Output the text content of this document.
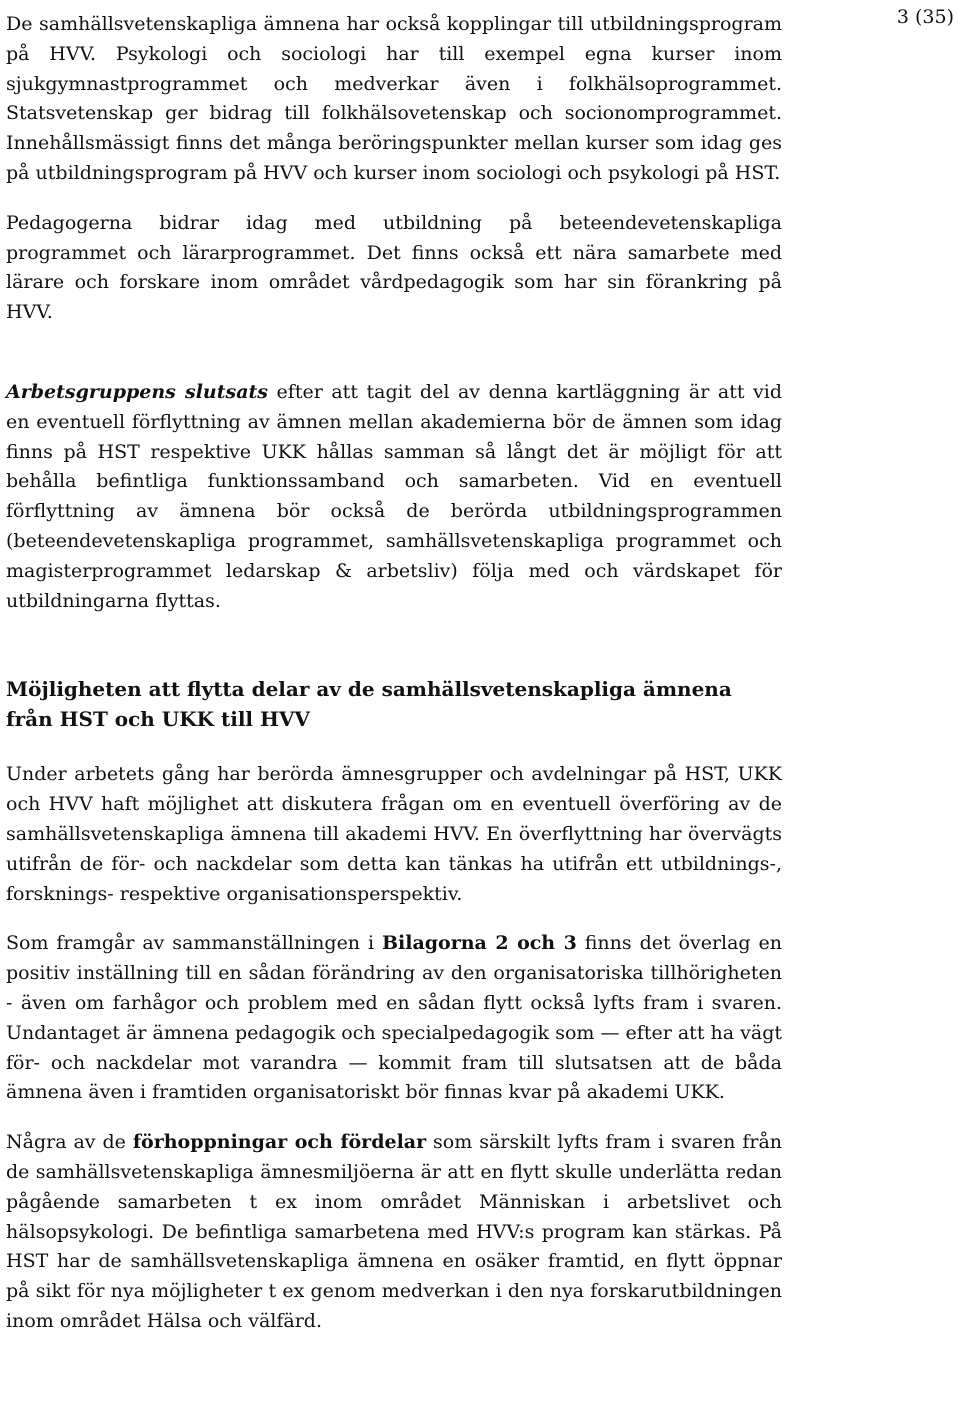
3 (35)

De samhällsvetenskapliga ämnena har också kopplingar till utbildningsprogram på HVV. Psykologi och sociologi har till exempel egna kurser inom sjukgymnastprogrammet och medverkar även i folkhälsoprogrammet. Statsvetenskap ger bidrag till folkhälsovetenskap och socionomprogrammet. Innehållsmässigt finns det många beröringspunkter mellan kurser som idag ges på utbildningsprogram på HVV och kurser inom sociologi och psykologi på HST.

Pedagogerna bidrar idag med utbildning på beteendevetenskapliga programmet och lärarprogrammet. Det finns också ett nära samarbete med lärare och forskare inom området vårdpedagogik som har sin förankring på HVV.

Arbetsgruppens slutsats efter att tagit del av denna kartläggning är att vid en eventuell förflyttning av ämnen mellan akademierna bör de ämnen som idag finns på HST respektive UKK hållas samman så långt det är möjligt för att behålla befintliga funktionssamband och samarbeten. Vid en eventuell förflyttning av ämnena bör också de berörda utbildningsprogrammen (beteendevetenskapliga programmet, samhällsvetenskapliga programmet och magisterprogrammet ledarskap & arbetsliv) följa med och värdskapet för utbildningarna flyttas.

Möjligheten att flytta delar av de samhällsvetenskapliga ämnena från HST och UKK till HVV

Under arbetets gång har berörda ämnesgrupper och avdelningar på HST, UKK och HVV haft möjlighet att diskutera frågan om en eventuell överföring av de samhällsvetenskapliga ämnena till akademi HVV. En överflyttning har övervägts utifrån de för- och nackdelar som detta kan tänkas ha utifrån ett utbildnings-, forsknings- respektive organisationsperspektiv.

Som framgår av sammanställningen i Bilagorna 2 och 3 finns det överlag en positiv inställning till en sådan förändring av den organisatoriska tillhörigheten - även om farhågor och problem med en sådan flytt också lyfts fram i svaren. Undantaget är ämnena pedagogik och specialpedagogik som — efter att ha vägt för- och nackdelar mot varandra — kommit fram till slutsatsen att de båda ämnena även i framtiden organisatoriskt bör finnas kvar på akademi UKK.

Några av de förhoppningar och fördelar som särskilt lyfts fram i svaren från de samhällsvetenskapliga ämnesmiljöerna är att en flytt skulle underlätta redan pågående samarbeten t ex inom området Människan i arbetslivet och hälsopsykologi. De befintliga samarbetena med HVV:s program kan stärkas. På HST har de samhällsvetenskapliga ämnena en osäker framtid, en flytt öppnar på sikt för nya möjligheter t ex genom medverkan i den nya forskarutbildningen inom området Hälsa och välfärd.
